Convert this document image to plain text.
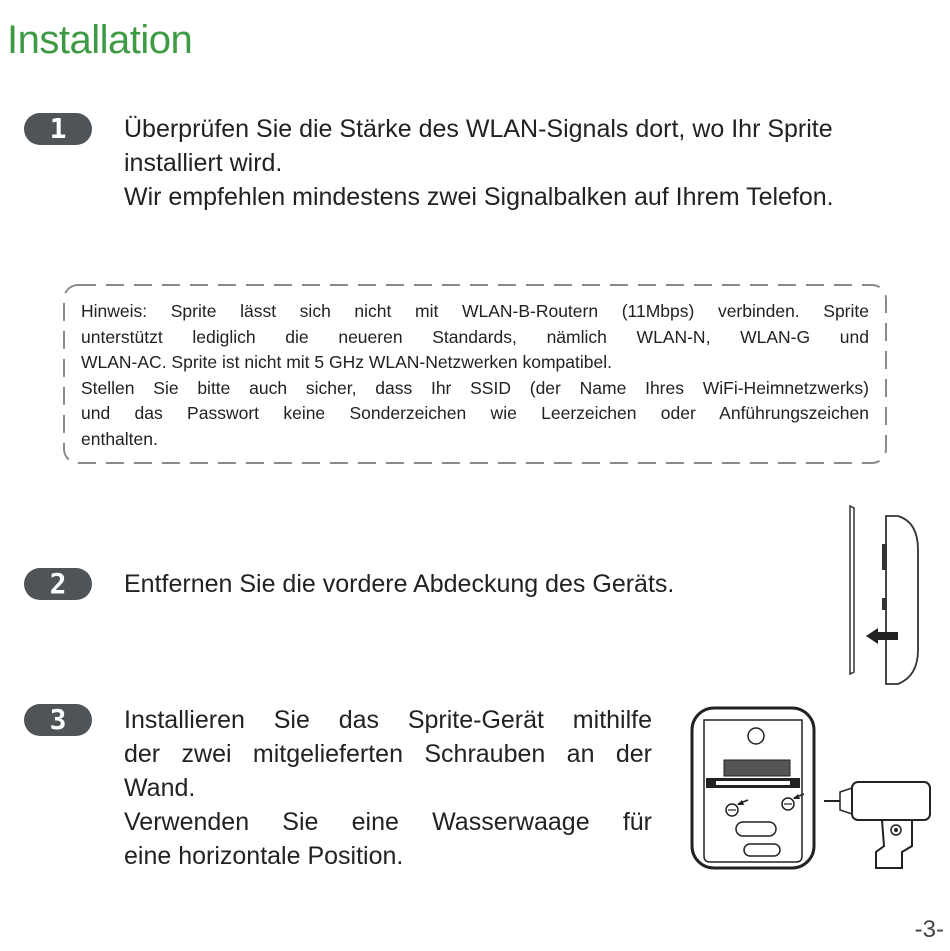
Installation
1 Überprüfen Sie die Stärke des WLAN-Signals dort, wo Ihr Sprite
installiert wird.
Wir empfehlen mindestens zwei Signalbalken auf Ihrem Telefon.

Hinweis: Sprite lässt sich nicht mit WLAN-B-Routern (11Mbps) verbinden. Sprite

unterstützt lediglich die neueren Standards, nämlich WLAN-N, WLAN-G und

WLAN-AC. Sprite ist nicht mit 5 GHz WLAN-Netzwerken kompatibel.

Stellen Sie bitte auch sicher, dass Ihr SSID (der Name Ihres WiFi-Heimnetzwerks)

und das Passwort keine Sonderzeichen wie Leerzeichen oder Anführungszeichen

enthalten.

2 Entfernen Sie die vordere Abdeckung des Geräts.
3 Installieren Sie das Sprite-Gerät mithilfe

der zwei mitgelieferten Schrauben an der

Wand.

Verwenden Sie eine Wasserwaage für

eine horizontale Position.

-3-
